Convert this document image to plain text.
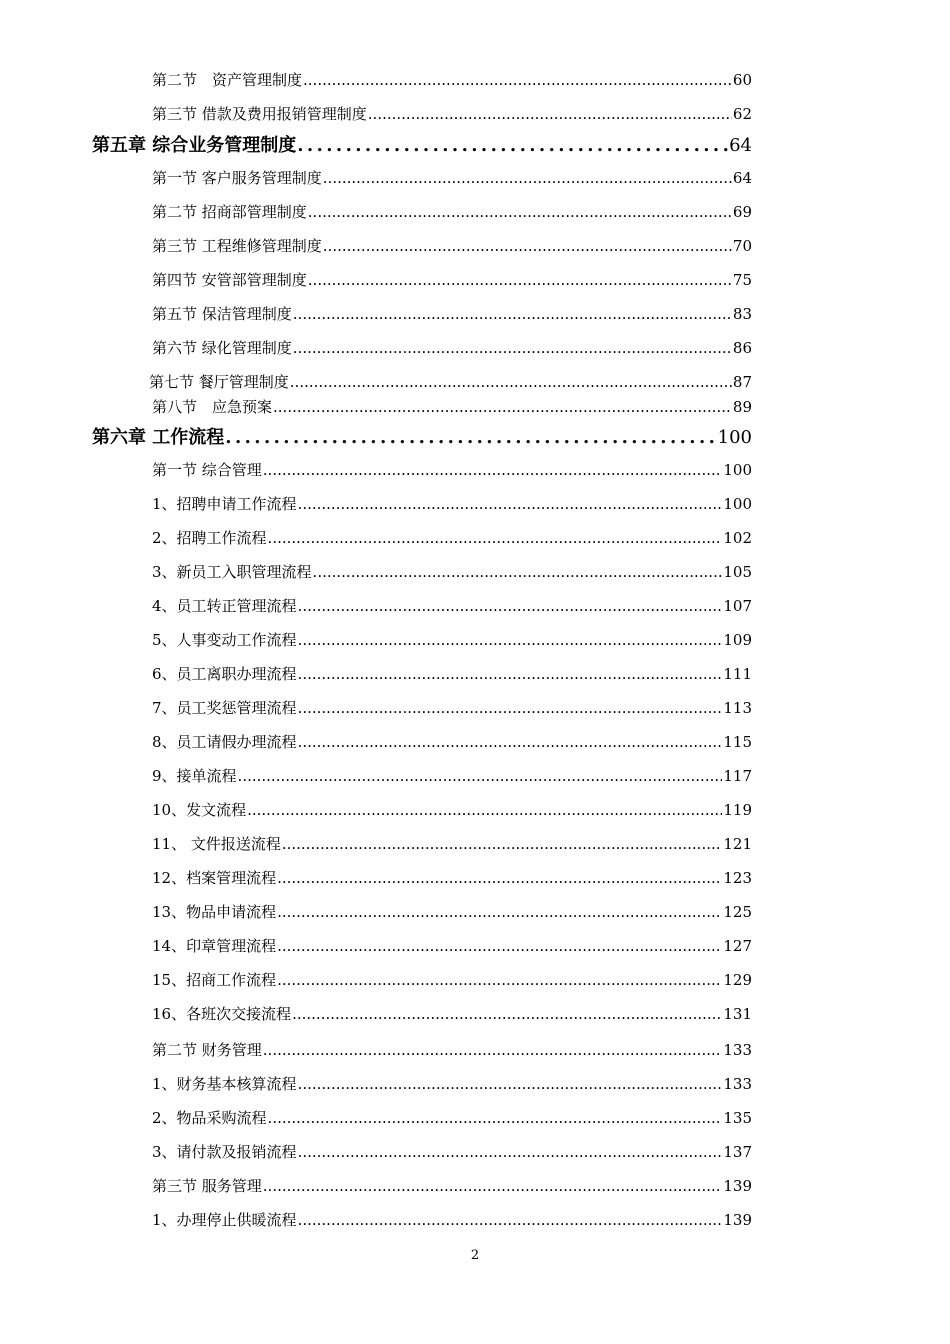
第二节　资产管理制度 .....	60
第三节 借款及费用报销管理制度 .....	62
第五章 综合业务管理制度 .....	64
第一节 客户服务管理制度 .....	64
第二节 招商部管理制度 .....	69
第三节 工程维修管理制度 .....	70
第四节 安管部管理制度 .....	75
第五节 保洁管理制度 .....	83
第六节 绿化管理制度 .....	86
第七节 餐厅管理制度 .....	87
第八节　应急预案 .....	89
第六章 工作流程 .....	100
第一节 综合管理 .....	100
1、招聘申请工作流程 .....	100
2、招聘工作流程 .....	102
3、新员工入职管理流程 .....	105
4、员工转正管理流程 .....	107
5、人事变动工作流程 .....	109
6、员工离职办理流程 .....	111
7、员工奖惩管理流程 .....	113
8、员工请假办理流程 .....	115
9、接单流程 .....	117
10、发文流程 .....	119
11、 文件报送流程 .....	121
12、档案管理流程 .....	123
13、物品申请流程 .....	125
14、印章管理流程 .....	127
15、招商工作流程 .....	129
16、各班次交接流程 .....	131
第二节 财务管理 .....	133
1、财务基本核算流程 .....	133
2、物品采购流程 .....	135
3、请付款及报销流程 .....	137
第三节 服务管理 .....	139
1、办理停止供暖流程 .....	139
2
